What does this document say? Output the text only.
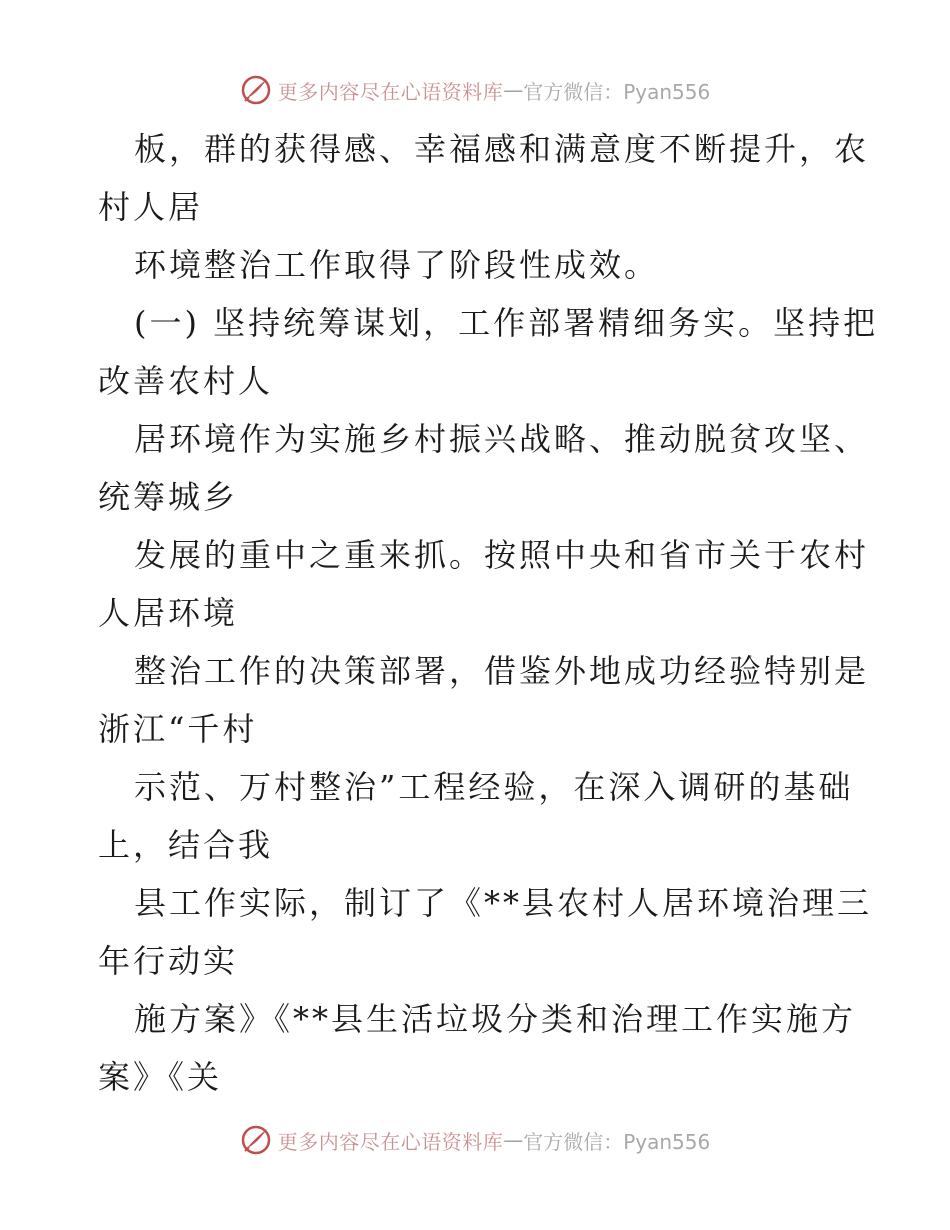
更多内容尽在心语资料库 — 官方微信：Pyan556
板，群的获得感、幸福感和满意度不断提升，农
村人居
环境整治工作取得了阶段性成效。
(一) 坚持统筹谋划，工作部署精细务实。坚持把
改善农村人
居环境作为实施乡村振兴战略、推动脱贫攻坚、
统筹城乡
发展的重中之重来抓。按照中央和省市关于农村
人居环境
整治工作的决策部署，借鉴外地成功经验特别是
浙江“千村
示范、万村整治”工程经验，在深入调研的基础
上，结合我
县工作实际，制订了《**县农村人居环境治理三
年行动实
施方案》《**县生活垃圾分类和治理工作实施方
案》《关
更多内容尽在心语资料库 — 官方微信：Pyan556
